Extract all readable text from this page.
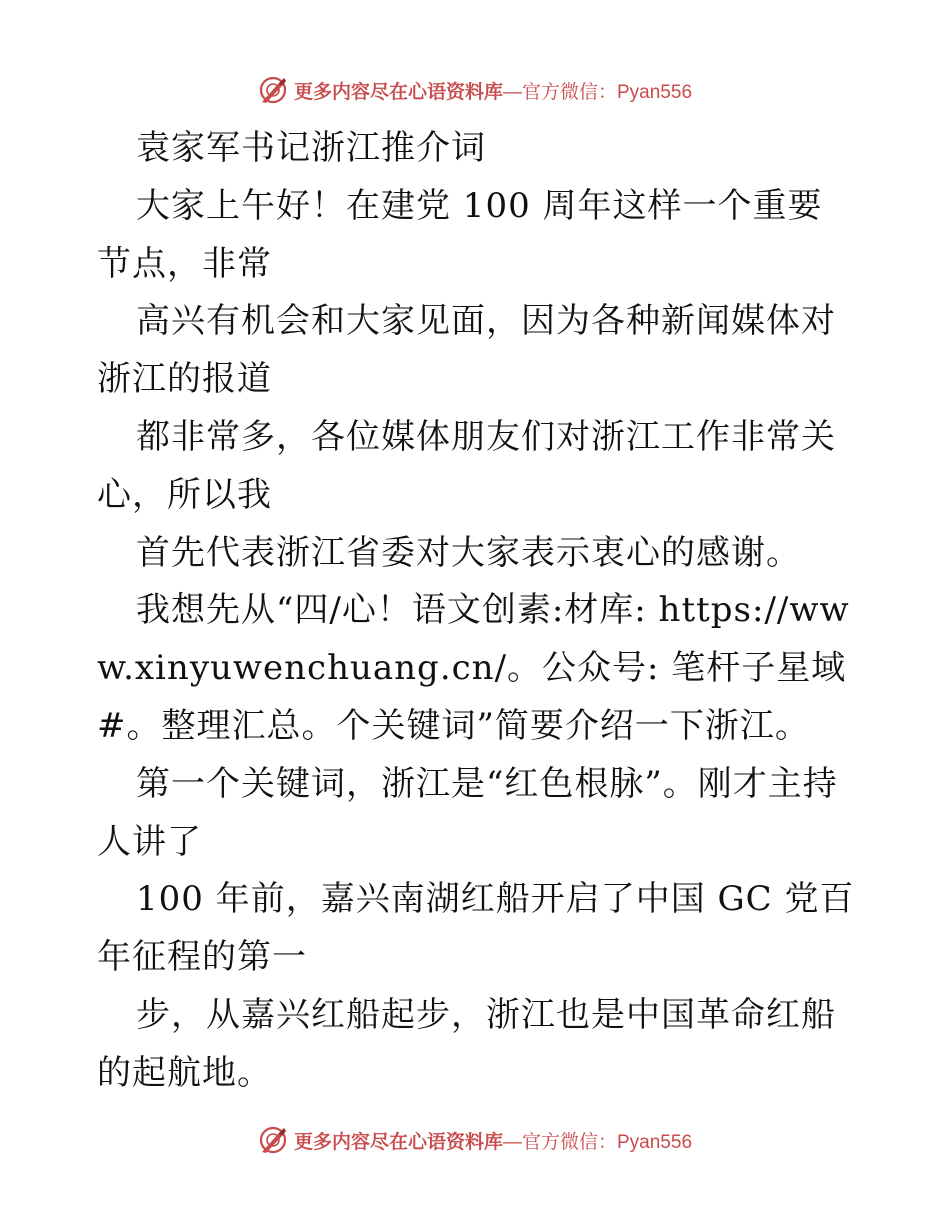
更多内容尽在心语资料库 —官方微信：Pyan556

袁家军书记浙江推介词

大家上午好！在建党 100 周年这样一个重要节点，非常

高兴有机会和大家见面，因为各种新闻媒体对浙江的报道

都非常多，各位媒体朋友们对浙江工作非常关心，所以我

首先代表浙江省委对大家表示衷心的感谢。

我想先从“四/心！语文创素:材库: https://www.xinyuwenchuang.cn/。公众号: 笔杆子星域#。整理汇总。个关键词”简要介绍一下浙江。

第一个关键词，浙江是“红色根脉”。刚才主持人讲了

100 年前，嘉兴南湖红船开启了中国 GC 党百年征程的第一

步，从嘉兴红船起步，浙江也是中国革命红船的起航地。

更多内容尽在心语资料库 —官方微信：Pyan556
